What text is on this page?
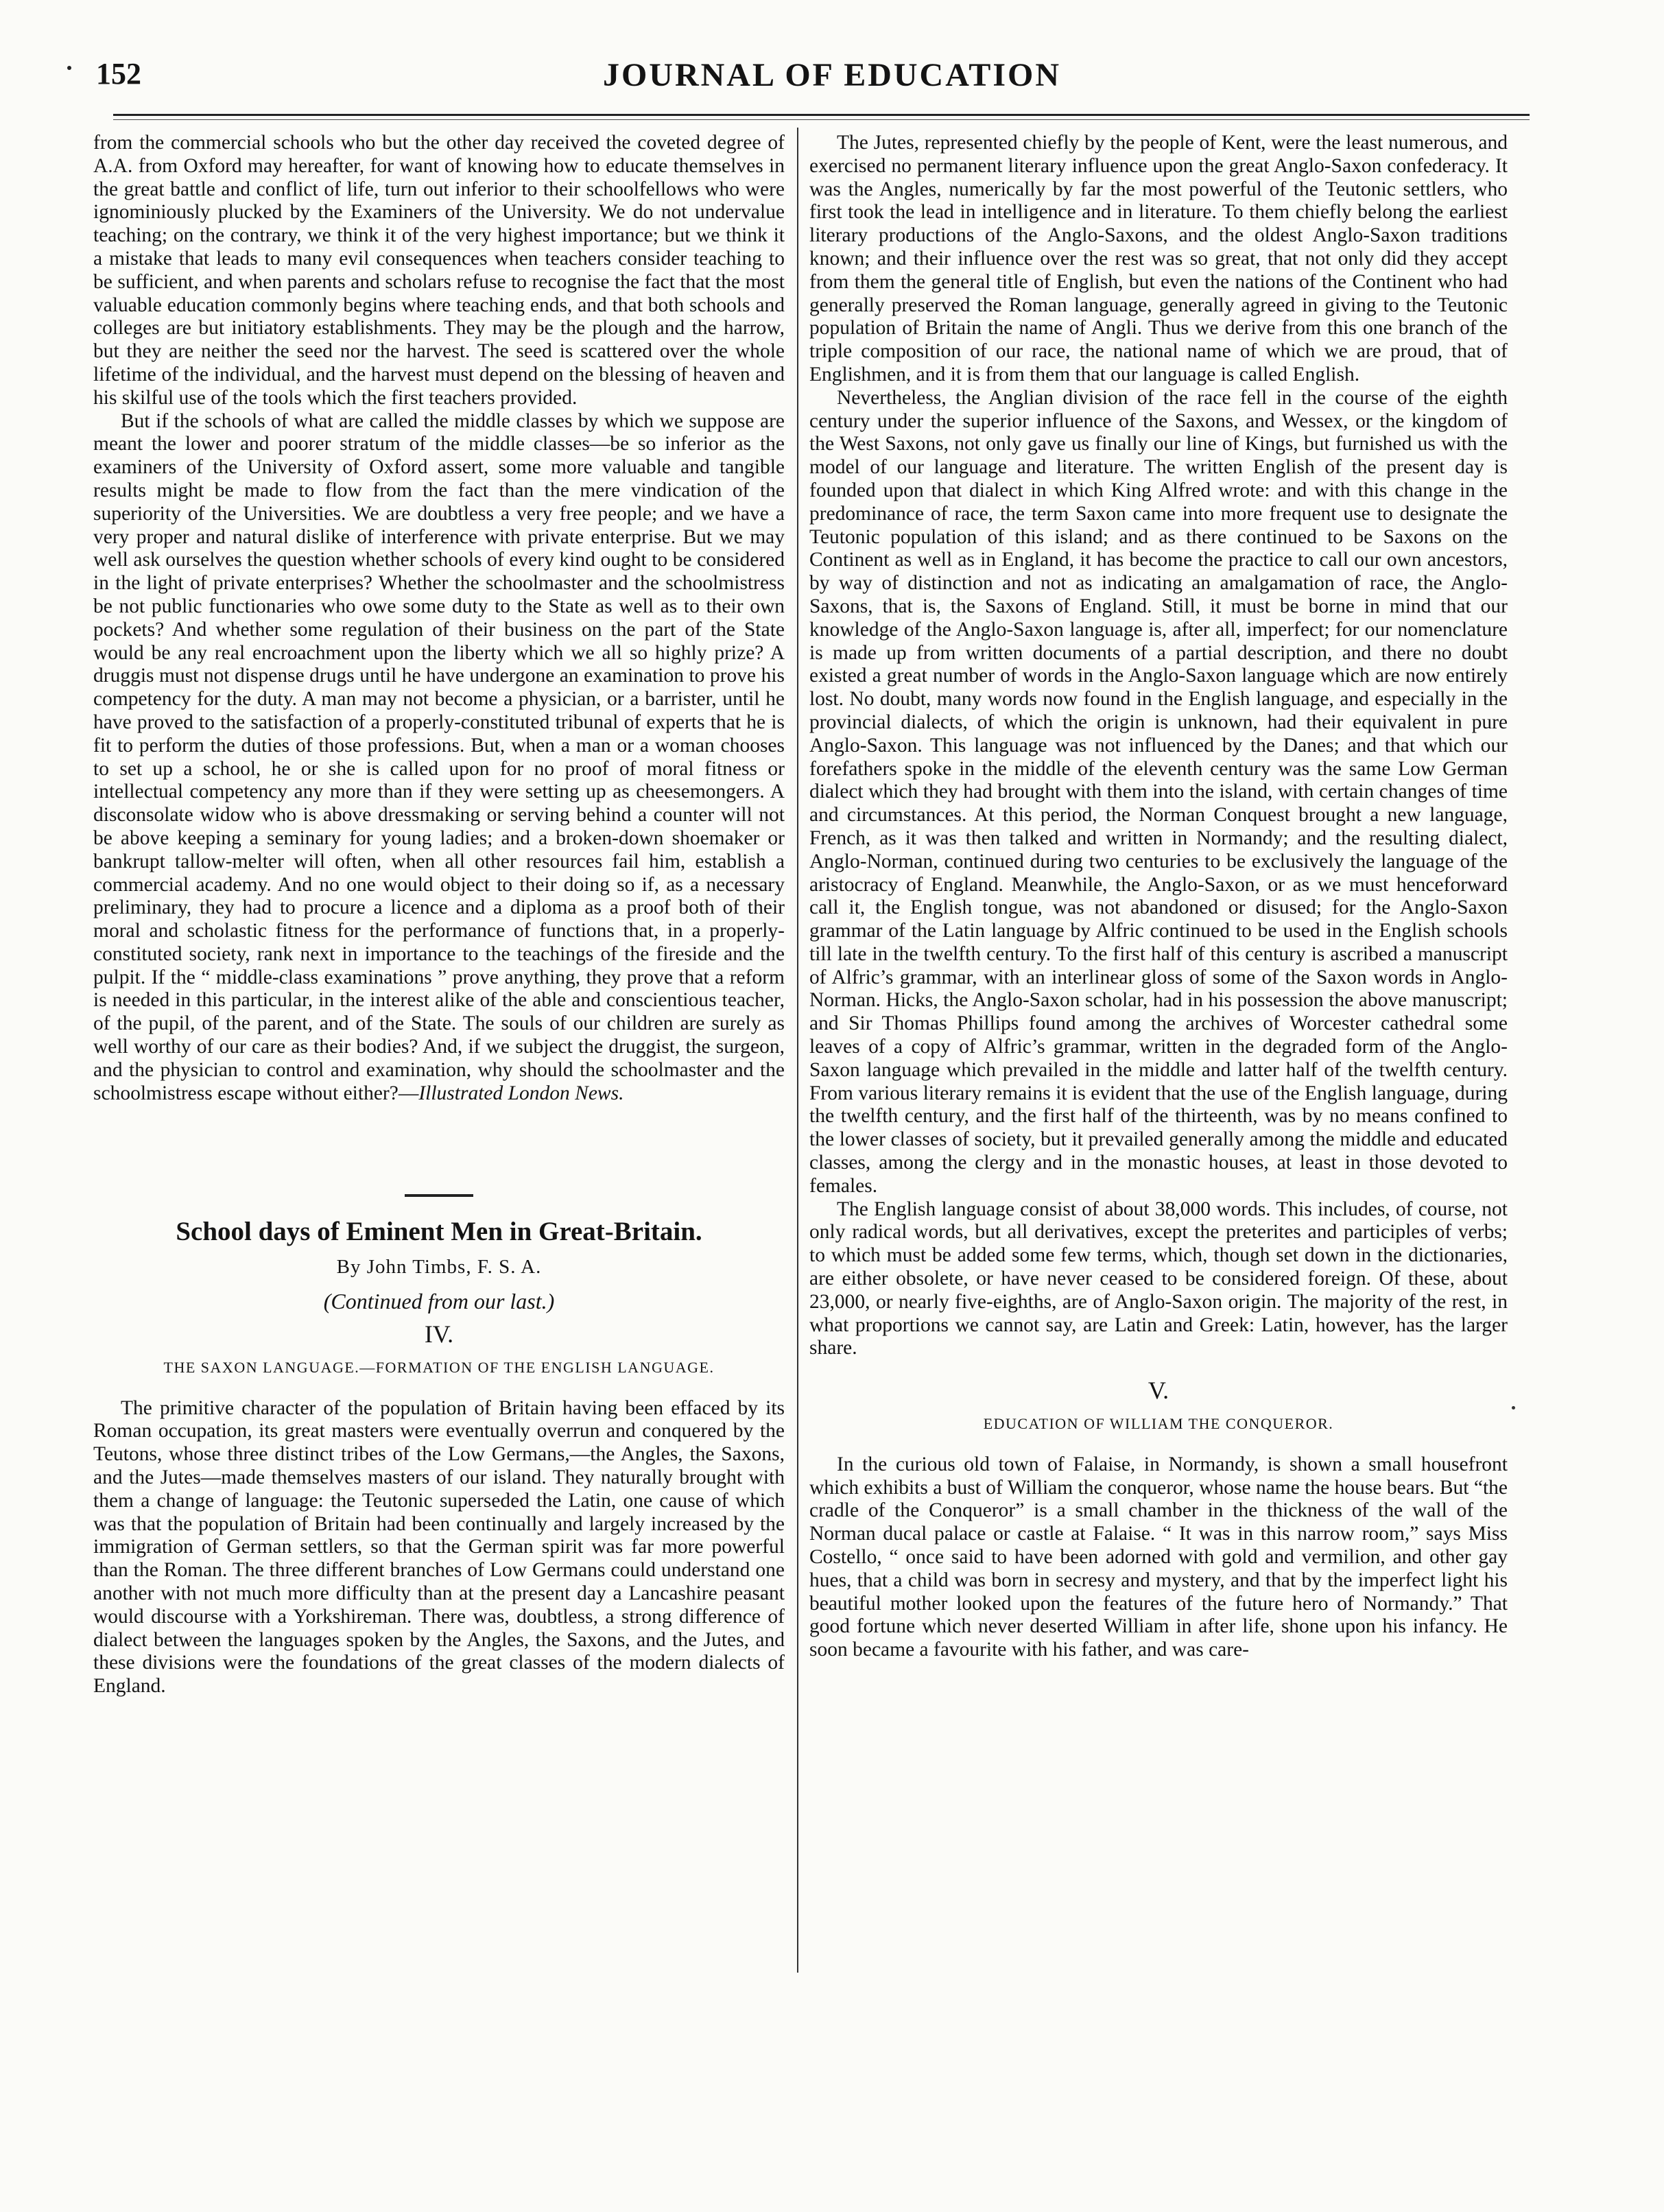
152	JOURNAL OF EDUCATION

from the commercial schools who but the other day received the coveted degree of A.A. from Oxford may hereafter, for want of knowing how to educate themselves in the great battle and conflict of life, turn out inferior to their schoolfellows who were ignominiously plucked by the Examiners of the University. We do not undervalue teaching; on the contrary, we think it of the very highest importance; but we think it a mistake that leads to many evil consequences when teachers consider teaching to be sufficient, and when parents and scholars refuse to recognise the fact that the most valuable education commonly begins where teaching ends, and that both schools and colleges are but initiatory establishments. They may be the plough and the harrow, but they are neither the seed nor the harvest. The seed is scattered over the whole lifetime of the individual, and the harvest must depend on the blessing of heaven and his skilful use of the tools which the first teachers provided.

But if the schools of what are called the middle classes by which we suppose are meant the lower and poorer stratum of the middle classes—be so inferior as the examiners of the University of Oxford assert, some more valuable and tangible results might be made to flow from the fact than the mere vindication of the superiority of the Universities. We are doubtless a very free people; and we have a very proper and natural dislike of interference with private enterprise. But we may well ask ourselves the question whether schools of every kind ought to be considered in the light of private enterprises? Whether the schoolmaster and the schoolmistress be not public functionaries who owe some duty to the State as well as to their own pockets? And whether some regulation of their business on the part of the State would be any real encroachment upon the liberty which we all so highly prize? A druggis must not dispense drugs until he have undergone an examination to prove his competency for the duty. A man may not become a physician, or a barrister, until he have proved to the satisfaction of a properly-constituted tribunal of experts that he is fit to perform the duties of those professions. But, when a man or a woman chooses to set up a school, he or she is called upon for no proof of moral fitness or intellectual competency any more than if they were setting up as cheesemongers. A disconsolate widow who is above dressmaking or serving behind a counter will not be above keeping a seminary for young ladies; and a broken-down shoemaker or bankrupt tallow-melter will often, when all other resources fail him, establish a commercial academy. And no one would object to their doing so if, as a necessary preliminary, they had to procure a licence and a diploma as a proof both of their moral and scholastic fitness for the performance of functions that, in a properly-constituted society, rank next in importance to the teachings of the fireside and the pulpit. If the “ middle-class examinations ” prove anything, they prove that a reform is needed in this particular, in the interest alike of the able and conscientious teacher, of the pupil, of the parent, and of the State. The souls of our children are surely as well worthy of our care as their bodies? And, if we subject the druggist, the surgeon, and the physician to control and examination, why should the schoolmaster and the schoolmistress escape without either?—Illustrated London News.

School days of Eminent Men in Great-Britain.

By John Timbs, F. S. A.
(Continued from our last.)
IV.
THE SAXON LANGUAGE.—FORMATION OF THE ENGLISH LANGUAGE.

The primitive character of the population of Britain having been effaced by its Roman occupation, its great masters were eventually overrun and conquered by the Teutons, whose three distinct tribes of the Low Germans,—the Angles, the Saxons, and the Jutes—made themselves masters of our island. They naturally brought with them a change of language: the Teutonic superseded the Latin, one cause of which was that the population of Britain had been continually and largely increased by the immigration of German settlers, so that the German spirit was far more powerful than the Roman. The three different branches of Low Germans could understand one another with not much more difficulty than at the present day a Lancashire peasant would discourse with a Yorkshireman. There was, doubtless, a strong difference of dialect between the languages spoken by the Angles, the Saxons, and the Jutes, and these divisions were the foundations of the great classes of the modern dialects of England.

The Jutes, represented chiefly by the people of Kent, were the least numerous, and exercised no permanent literary influence upon the great Anglo-Saxon confederacy. It was the Angles, numerically by far the most powerful of the Teutonic settlers, who first took the lead in intelligence and in literature. To them chiefly belong the earliest literary productions of the Anglo-Saxons, and the oldest Anglo-Saxon traditions known; and their influence over the rest was so great, that not only did they accept from them the general title of English, but even the nations of the Continent who had generally preserved the Roman language, generally agreed in giving to the Teutonic population of Britain the name of Angli. Thus we derive from this one branch of the triple composition of our race, the national name of which we are proud, that of Englishmen, and it is from them that our language is called English.

Nevertheless, the Anglian division of the race fell in the course of the eighth century under the superior influence of the Saxons, and Wessex, or the kingdom of the West Saxons, not only gave us finally our line of Kings, but furnished us with the model of our language and literature. The written English of the present day is founded upon that dialect in which King Alfred wrote: and with this change in the predominance of race, the term Saxon came into more frequent use to designate the Teutonic population of this island; and as there continued to be Saxons on the Continent as well as in England, it has become the practice to call our own ancestors, by way of distinction and not as indicating an amalgamation of race, the Anglo-Saxons, that is, the Saxons of England. Still, it must be borne in mind that our knowledge of the Anglo-Saxon language is, after all, imperfect; for our nomenclature is made up from written documents of a partial description, and there no doubt existed a great number of words in the Anglo-Saxon language which are now entirely lost. No doubt, many words now found in the English language, and especially in the provincial dialects, of which the origin is unknown, had their equivalent in pure Anglo-Saxon. This language was not influenced by the Danes; and that which our forefathers spoke in the middle of the eleventh century was the same Low German dialect which they had brought with them into the island, with certain changes of time and circumstances. At this period, the Norman Conquest brought a new language, French, as it was then talked and written in Normandy; and the resulting dialect, Anglo-Norman, continued during two centuries to be exclusively the language of the aristocracy of England. Meanwhile, the Anglo-Saxon, or as we must henceforward call it, the English tongue, was not abandoned or disused; for the Anglo-Saxon grammar of the Latin language by Alfric continued to be used in the English schools till late in the twelfth century. To the first half of this century is ascribed a manuscript of Alfric’s grammar, with an interlinear gloss of some of the Saxon words in Anglo-Norman. Hicks, the Anglo-Saxon scholar, had in his possession the above manuscript; and Sir Thomas Phillips found among the archives of Worcester cathedral some leaves of a copy of Alfric’s grammar, written in the degraded form of the Anglo-Saxon language which prevailed in the middle and latter half of the twelfth century. From various literary remains it is evident that the use of the English language, during the twelfth century, and the first half of the thirteenth, was by no means confined to the lower classes of society, but it prevailed generally among the middle and educated classes, among the clergy and in the monastic houses, at least in those devoted to females.

The English language consist of about 38,000 words. This includes, of course, not only radical words, but all derivatives, except the preterites and participles of verbs; to which must be added some few terms, which, though set down in the dictionaries, are either obsolete, or have never ceased to be considered foreign. Of these, about 23,000, or nearly five-eighths, are of Anglo-Saxon origin. The majority of the rest, in what proportions we cannot say, are Latin and Greek: Latin, however, has the larger share.

V.
EDUCATION OF WILLIAM THE CONQUEROR.

In the curious old town of Falaise, in Normandy, is shown a small housefront which exhibits a bust of William the conqueror, whose name the house bears. But “the cradle of the Conqueror” is a small chamber in the thickness of the wall of the Norman ducal palace or castle at Falaise. “ It was in this narrow room,” says Miss Costello, “ once said to have been adorned with gold and vermilion, and other gay hues, that a child was born in secresy and mystery, and that by the imperfect light his beautiful mother looked upon the features of the future hero of Normandy.” That good fortune which never deserted William in after life, shone upon his infancy. He soon became a favourite with his father, and was care-
